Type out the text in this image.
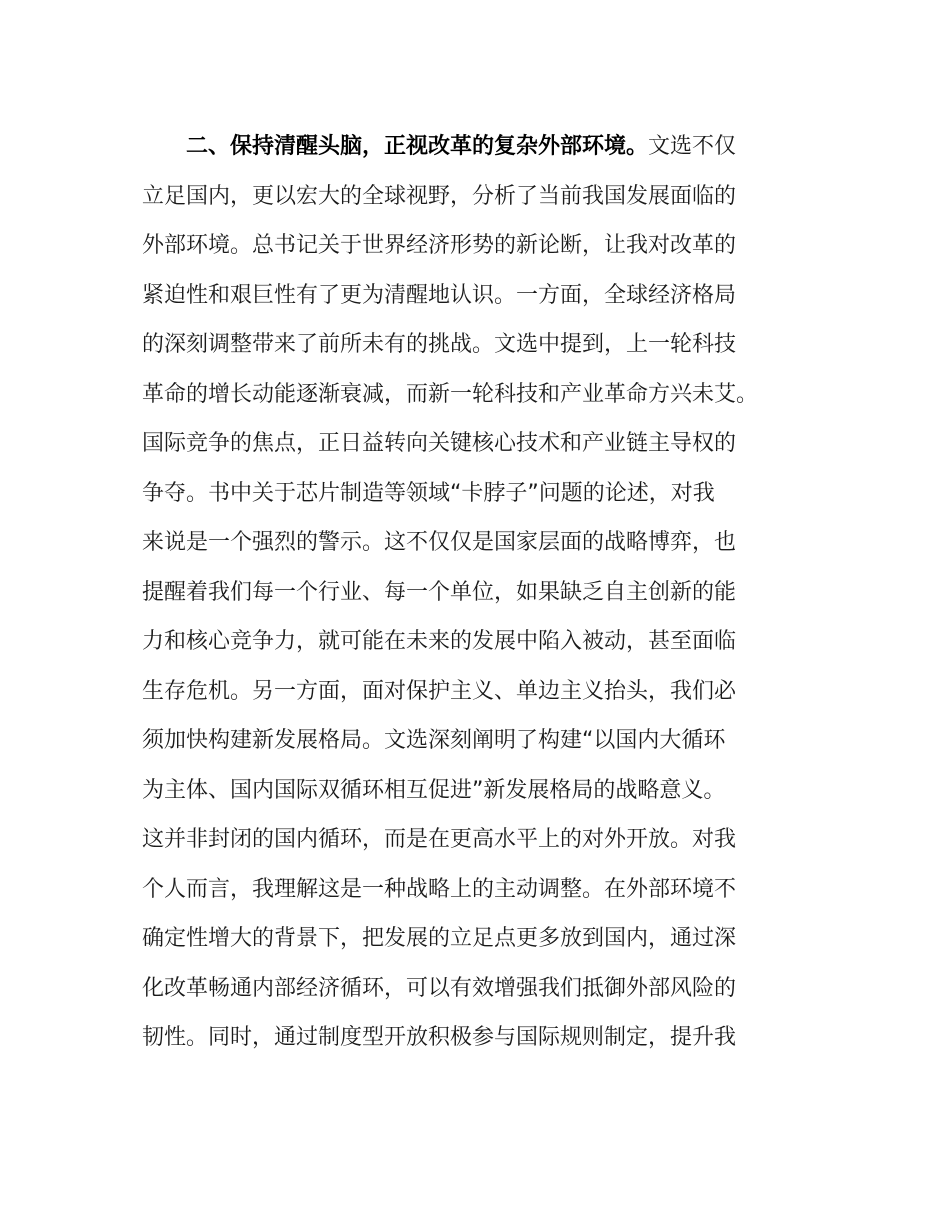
二、保持清醒头脑，正视改革的复杂外部环境。文选不仅
立足国内，更以宏大的全球视野，分析了当前我国发展面临的
外部环境。总书记关于世界经济形势的新论断，让我对改革的
紧迫性和艰巨性有了更为清醒地认识。一方面，全球经济格局
的深刻调整带来了前所未有的挑战。文选中提到，上一轮科技
革命的增长动能逐渐衰减，而新一轮科技和产业革命方兴未艾。
国际竞争的焦点，正日益转向关键核心技术和产业链主导权的
争夺。书中关于芯片制造等领域“卡脖子”问题的论述，对我
来说是一个强烈的警示。这不仅仅是国家层面的战略博弈，也
提醒着我们每一个行业、每一个单位，如果缺乏自主创新的能
力和核心竞争力，就可能在未来的发展中陷入被动，甚至面临
生存危机。另一方面，面对保护主义、单边主义抬头，我们必
须加快构建新发展格局。文选深刻阐明了构建“以国内大循环
为主体、国内国际双循环相互促进”新发展格局的战略意义。
这并非封闭的国内循环，而是在更高水平上的对外开放。对我
个人而言，我理解这是一种战略上的主动调整。在外部环境不
确定性增大的背景下，把发展的立足点更多放到国内，通过深
化改革畅通内部经济循环，可以有效增强我们抵御外部风险的
韧性。同时，通过制度型开放积极参与国际规则制定，提升我
